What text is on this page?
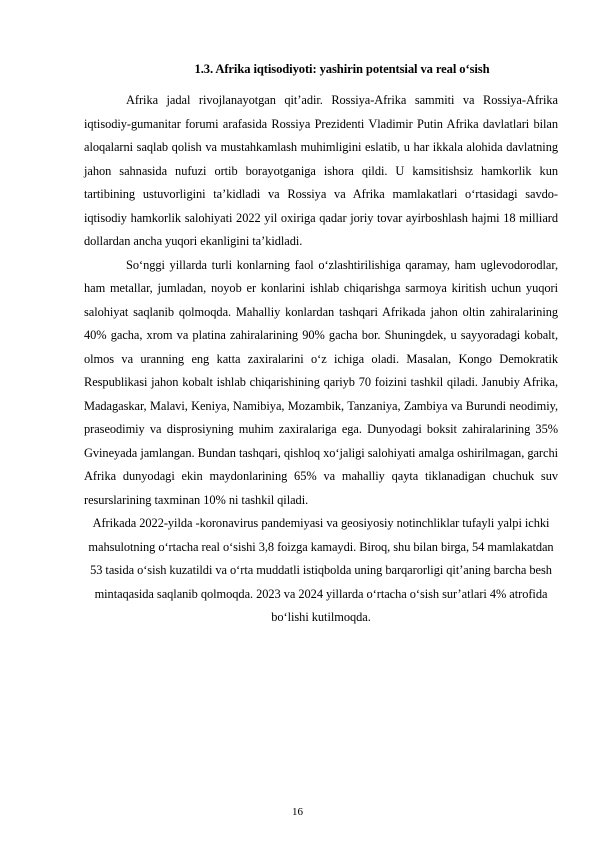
1.3. Afrika iqtisodiyoti: yashirin potentsial va real o‘sish

Afrika jadal rivojlanayotgan qit’adir. Rossiya-Afrika sammiti va Rossiya-Afrika iqtisodiy-gumanitar forumi arafasida Rossiya Prezidenti Vladimir Putin Afrika davlatlari bilan aloqalarni saqlab qolish va mustahkamlash muhimligini eslatib, u har ikkala alohida davlatning jahon sahnasida nufuzi ortib borayotganiga ishora qildi. U kamsitishsiz hamkorlik kun tartibining ustuvorligini ta’kidladi va Rossiya va Afrika mamlakatlari o‘rtasidagi savdo-iqtisodiy hamkorlik salohiyati 2022 yil oxiriga qadar joriy tovar ayirboshlash hajmi 18 milliard dollardan ancha yuqori ekanligini ta’kidladi.

So‘nggi yillarda turli konlarning faol o‘zlashtirilishiga qaramay, ham uglevodorodlar, ham metallar, jumladan, noyob er konlarini ishlab chiqarishga sarmoya kiritish uchun yuqori salohiyat saqlanib qolmoqda. Mahalliy konlardan tashqari Afrikada jahon oltin zahiralarining 40% gacha, xrom va platina zahiralarining 90% gacha bor. Shuningdek, u sayyoradagi kobalt, olmos va uranning eng katta zaxiralarini o‘z ichiga oladi. Masalan, Kongo Demokratik Respublikasi jahon kobalt ishlab chiqarishining qariyb 70 foizini tashkil qiladi. Janubiy Afrika, Madagaskar, Malavi, Keniya, Namibiya, Mozambik, Tanzaniya, Zambiya va Burundi neodimiy, praseodimiy va disprosiyning muhim zaxiralariga ega. Dunyodagi boksit zahiralarining 35% Gvineyada jamlangan. Bundan tashqari, qishloq xo‘jaligi salohiyati amalga oshirilmagan, garchi Afrika dunyodagi ekin maydonlarining 65% va mahalliy qayta tiklanadigan chuchuk suv resurslarining taxminan 10% ni tashkil qiladi.

Afrikada 2022-yilda -koronavirus pandemiyasi va geosiyosiy notinchliklar tufayli yalpi ichki mahsulotning o‘rtacha real o‘sishi 3,8 foizga kamaydi. Biroq, shu bilan birga, 54 mamlakatdan 53 tasida o‘sish kuzatildi va o‘rta muddatli istiqbolda uning barqarorligi qit’aning barcha besh mintaqasida saqlanib qolmoqda. 2023 va 2024 yillarda o‘rtacha o‘sish sur’atlari 4% atrofida bo‘lishi kutilmoqda.

16
